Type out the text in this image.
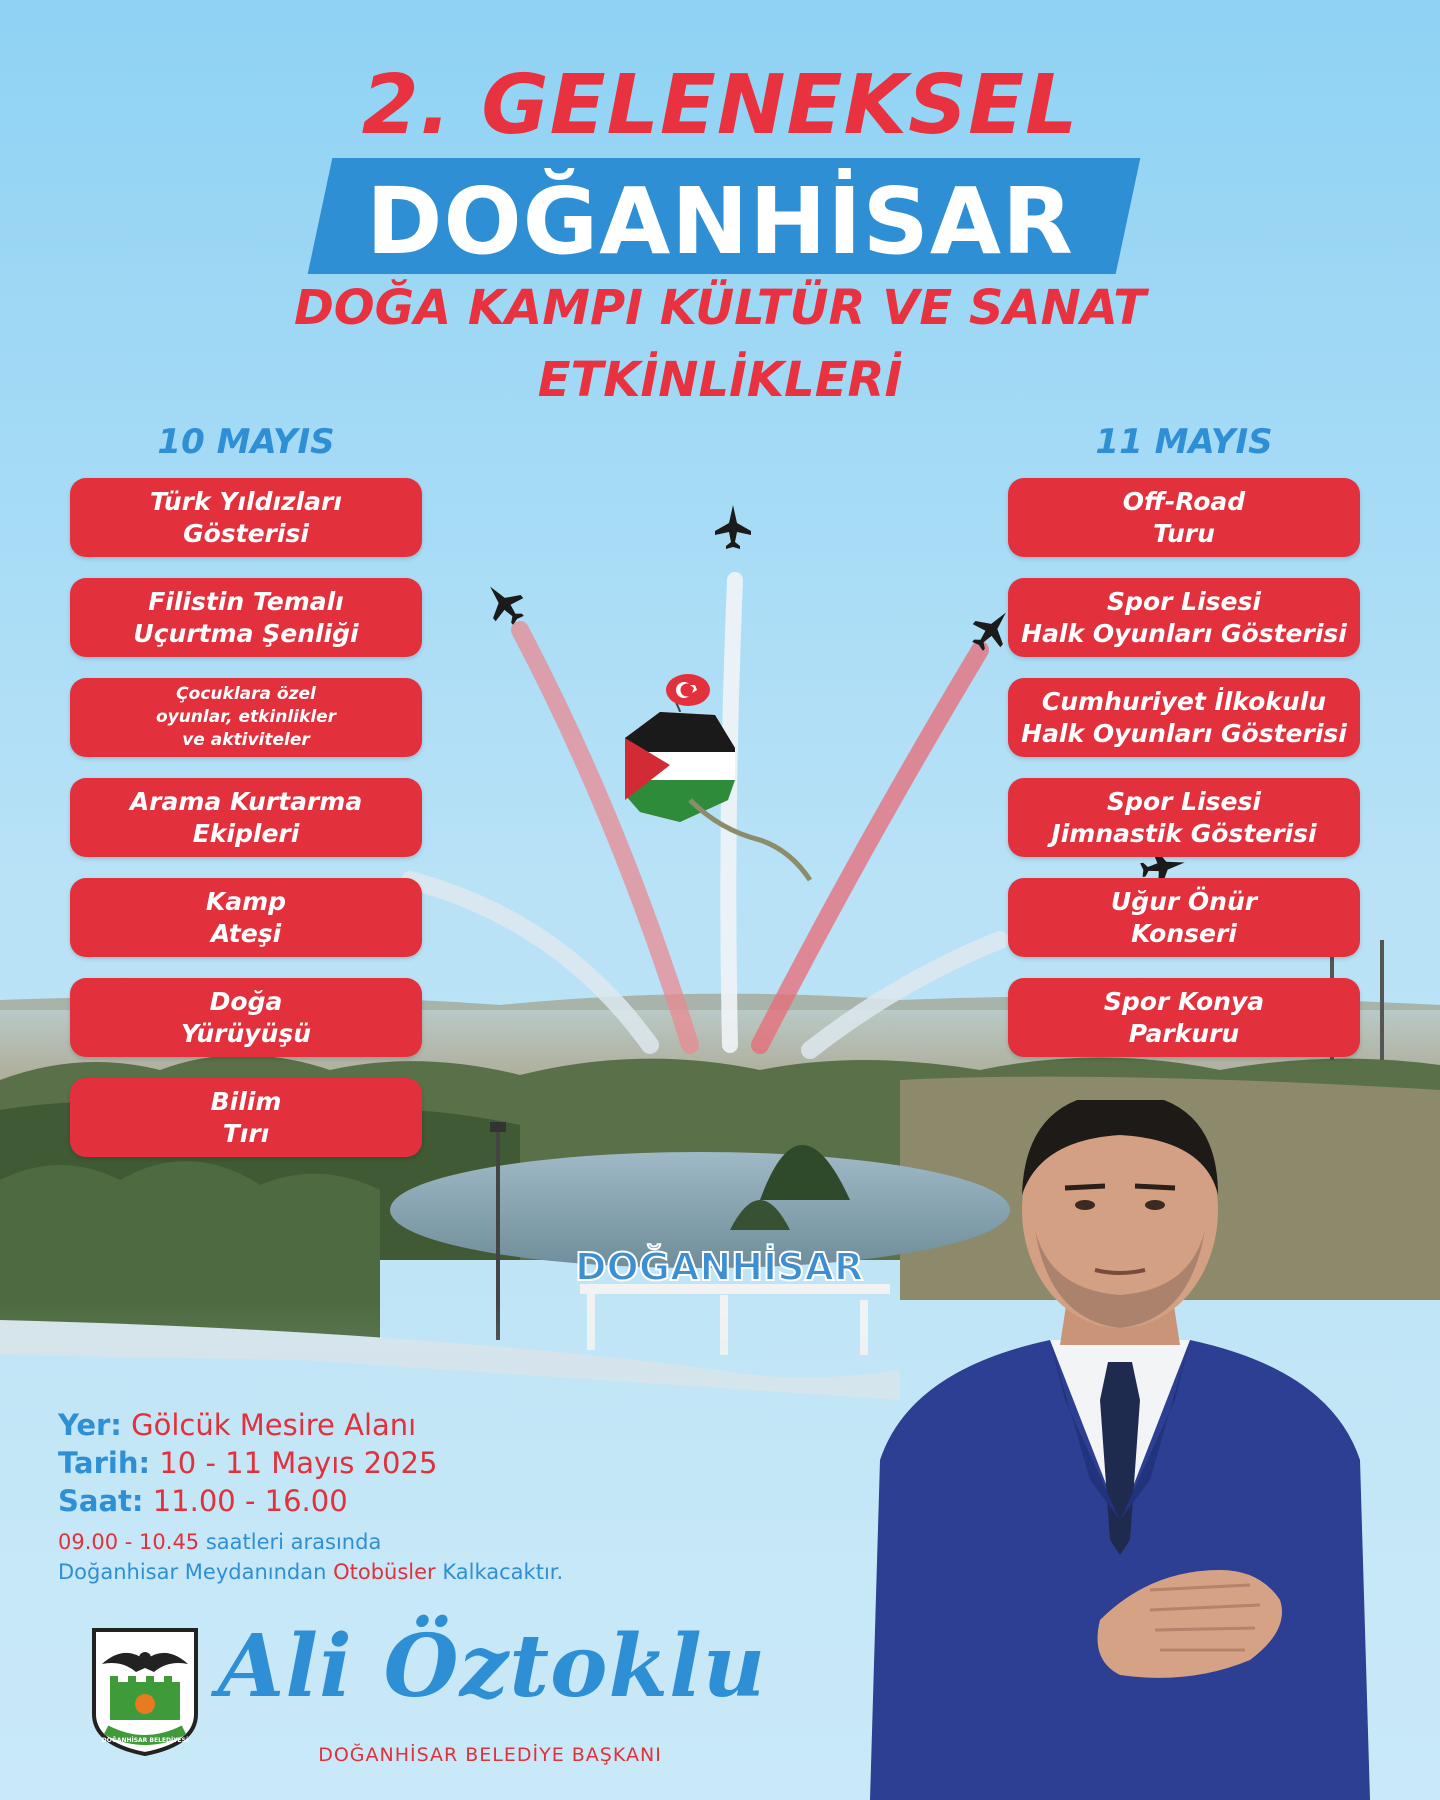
DOĞANHİSAR
2. GELENEKSEL
DOĞANHİSAR
DOĞA KAMPI KÜLTÜR VE SANAT
ETKİNLİKLERİ
10 MAYIS
Türk Yıldızları
Gösterisi
Filistin Temalı
Uçurtma Şenliği
Çocuklara özel
oyunlar, etkinlikler
ve aktiviteler
Arama Kurtarma
Ekipleri
Kamp
Ateşi
Doğa
Yürüyüşü
Bilim
Tırı
11 MAYIS
Off-Road
Turu
Spor Lisesi
Halk Oyunları Gösterisi
Cumhuriyet İlkokulu
Halk Oyunları Gösterisi
Spor Lisesi
Jimnastik Gösterisi
Uğur Önür
Konseri
Spor Konya
Parkuru
Yer: Gölcük Mesire Alanı
Tarih: 10 - 11 Mayıs 2025
Saat: 11.00 - 16.00
09.00 - 10.45 saatleri arasında
Doğanhisar Meydanından Otobüsler Kalkacaktır.
DOĞANHİSAR BELEDİYESİ
Ali Öztoklu
DOĞANHİSAR BELEDİYE BAŞKANI
